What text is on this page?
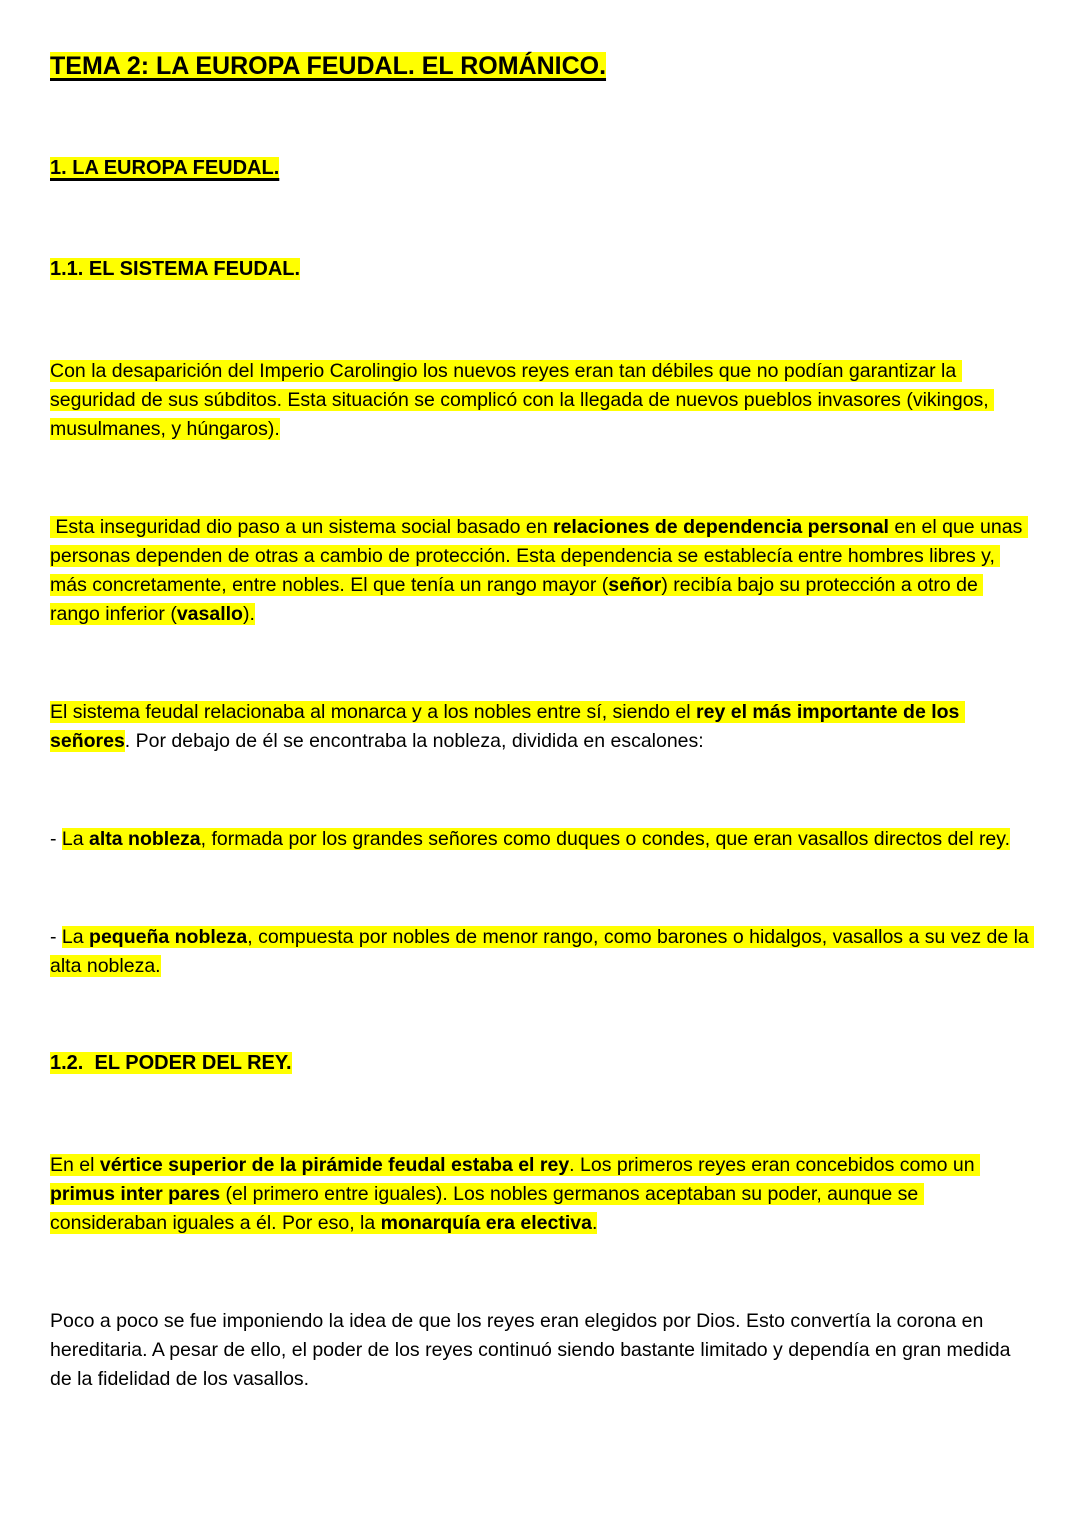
TEMA 2: LA EUROPA FEUDAL. EL ROMÁNICO.
1. LA EUROPA FEUDAL.
1.1. EL SISTEMA FEUDAL.
Con la desaparición del Imperio Carolingio los nuevos reyes eran tan débiles que no podían garantizar la seguridad de sus súbditos. Esta situación se complicó con la llegada de nuevos pueblos invasores (vikingos, musulmanes, y húngaros).
Esta inseguridad dio paso a un sistema social basado en relaciones de dependencia personal en el que unas personas dependen de otras a cambio de protección. Esta dependencia se establecía entre hombres libres y, más concretamente, entre nobles. El que tenía un rango mayor (señor) recibía bajo su protección a otro de rango inferior (vasallo).
El sistema feudal relacionaba al monarca y a los nobles entre sí, siendo el rey el más importante de los señores. Por debajo de él se encontraba la nobleza, dividida en escalones:
- La alta nobleza, formada por los grandes señores como duques o condes, que eran vasallos directos del rey.
- La pequeña nobleza, compuesta por nobles de menor rango, como barones o hidalgos, vasallos a su vez de la alta nobleza.
1.2.  EL PODER DEL REY.
En el vértice superior de la pirámide feudal estaba el rey. Los primeros reyes eran concebidos como un primus inter pares (el primero entre iguales). Los nobles germanos aceptaban su poder, aunque se consideraban iguales a él. Por eso, la monarquía era electiva.
Poco a poco se fue imponiendo la idea de que los reyes eran elegidos por Dios. Esto convertía la corona en hereditaria. A pesar de ello, el poder de los reyes continuó siendo bastante limitado y dependía en gran medida de la fidelidad de los vasallos.
